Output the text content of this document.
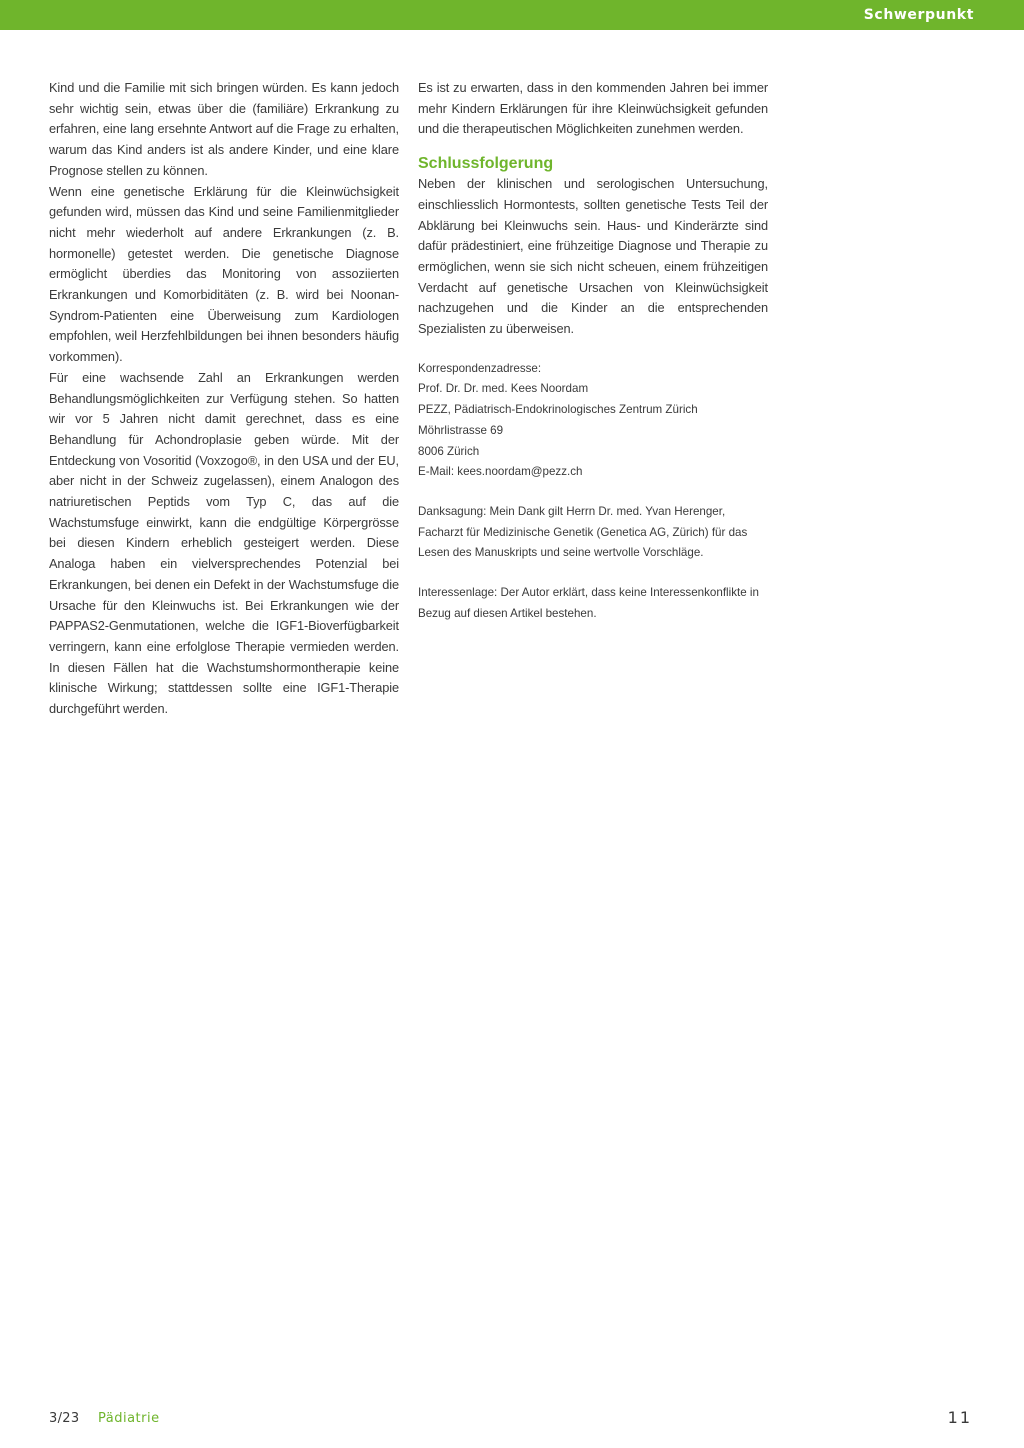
Schwerpunkt

Kind und die Familie mit sich bringen würden. Es kann jedoch sehr wichtig sein, etwas über die (familiäre) Erkrankung zu erfahren, eine lang ersehnte Antwort auf die Frage zu erhalten, warum das Kind anders ist als andere Kinder, und eine klare Prognose stellen zu können.

Wenn eine genetische Erklärung für die Kleinwüchsigkeit gefunden wird, müssen das Kind und seine Familienmitglieder nicht mehr wiederholt auf andere Erkrankungen (z. B. hormonelle) getestet werden. Die genetische Diagnose ermöglicht überdies das Monitoring von assoziierten Erkrankungen und Komorbiditäten (z. B. wird bei Noonan-Syndrom-Patienten eine Überweisung zum Kardiologen empfohlen, weil Herzfehlbildungen bei ihnen besonders häufig vorkommen).

Für eine wachsende Zahl an Erkrankungen werden Behandlungsmöglichkeiten zur Verfügung stehen. So hatten wir vor 5 Jahren nicht damit gerechnet, dass es eine Behandlung für Achondroplasie geben würde. Mit der Entdeckung von Vosoritid (Voxzogo®, in den USA und der EU, aber nicht in der Schweiz zugelassen), einem Analogon des natriuretischen Peptids vom Typ C, das auf die Wachstumsfuge einwirkt, kann die endgültige Körpergrösse bei diesen Kindern erheblich gesteigert werden. Diese Analoga haben ein vielversprechendes Potenzial bei Erkrankungen, bei denen ein Defekt in der Wachstumsfuge die Ursache für den Kleinwuchs ist. Bei Erkrankungen wie der PAPPAS2-Genmutationen, welche die IGF1-Bioverfügbarkeit verringern, kann eine erfolglose Therapie vermieden werden. In diesen Fällen hat die Wachstumshormontherapie keine klinische Wirkung; stattdessen sollte eine IGF1-Therapie durchgeführt werden.

Es ist zu erwarten, dass in den kommenden Jahren bei immer mehr Kindern Erklärungen für ihre Kleinwüchsigkeit gefunden und die therapeutischen Möglichkeiten zunehmen werden.

Schlussfolgerung

Neben der klinischen und serologischen Untersuchung, einschliesslich Hormontests, sollten genetische Tests Teil der Abklärung bei Kleinwuchs sein. Haus- und Kinderärzte sind dafür prädestiniert, eine frühzeitige Diagnose und Therapie zu ermöglichen, wenn sie sich nicht scheuen, einem frühzeitigen Verdacht auf genetische Ursachen von Kleinwüchsigkeit nachzugehen und die Kinder an die entsprechenden Spezialisten zu überweisen.

Korrespondenzadresse:
Prof. Dr. Dr. med. Kees Noordam
PEZZ, Pädiatrisch-Endokrinologisches Zentrum Zürich
Möhrlistrasse 69
8006 Zürich
E-Mail: kees.noordam@pezz.ch
Danksagung: Mein Dank gilt Herrn Dr. med. Yvan Herenger, Facharzt für Medizinische Genetik (Genetica AG, Zürich) für das Lesen des Manuskripts und seine wertvolle Vorschläge.
Interessenlage: Der Autor erklärt, dass keine Interessenkonflikte in Bezug auf diesen Artikel bestehen.
3/23 Pädiatrie	11
